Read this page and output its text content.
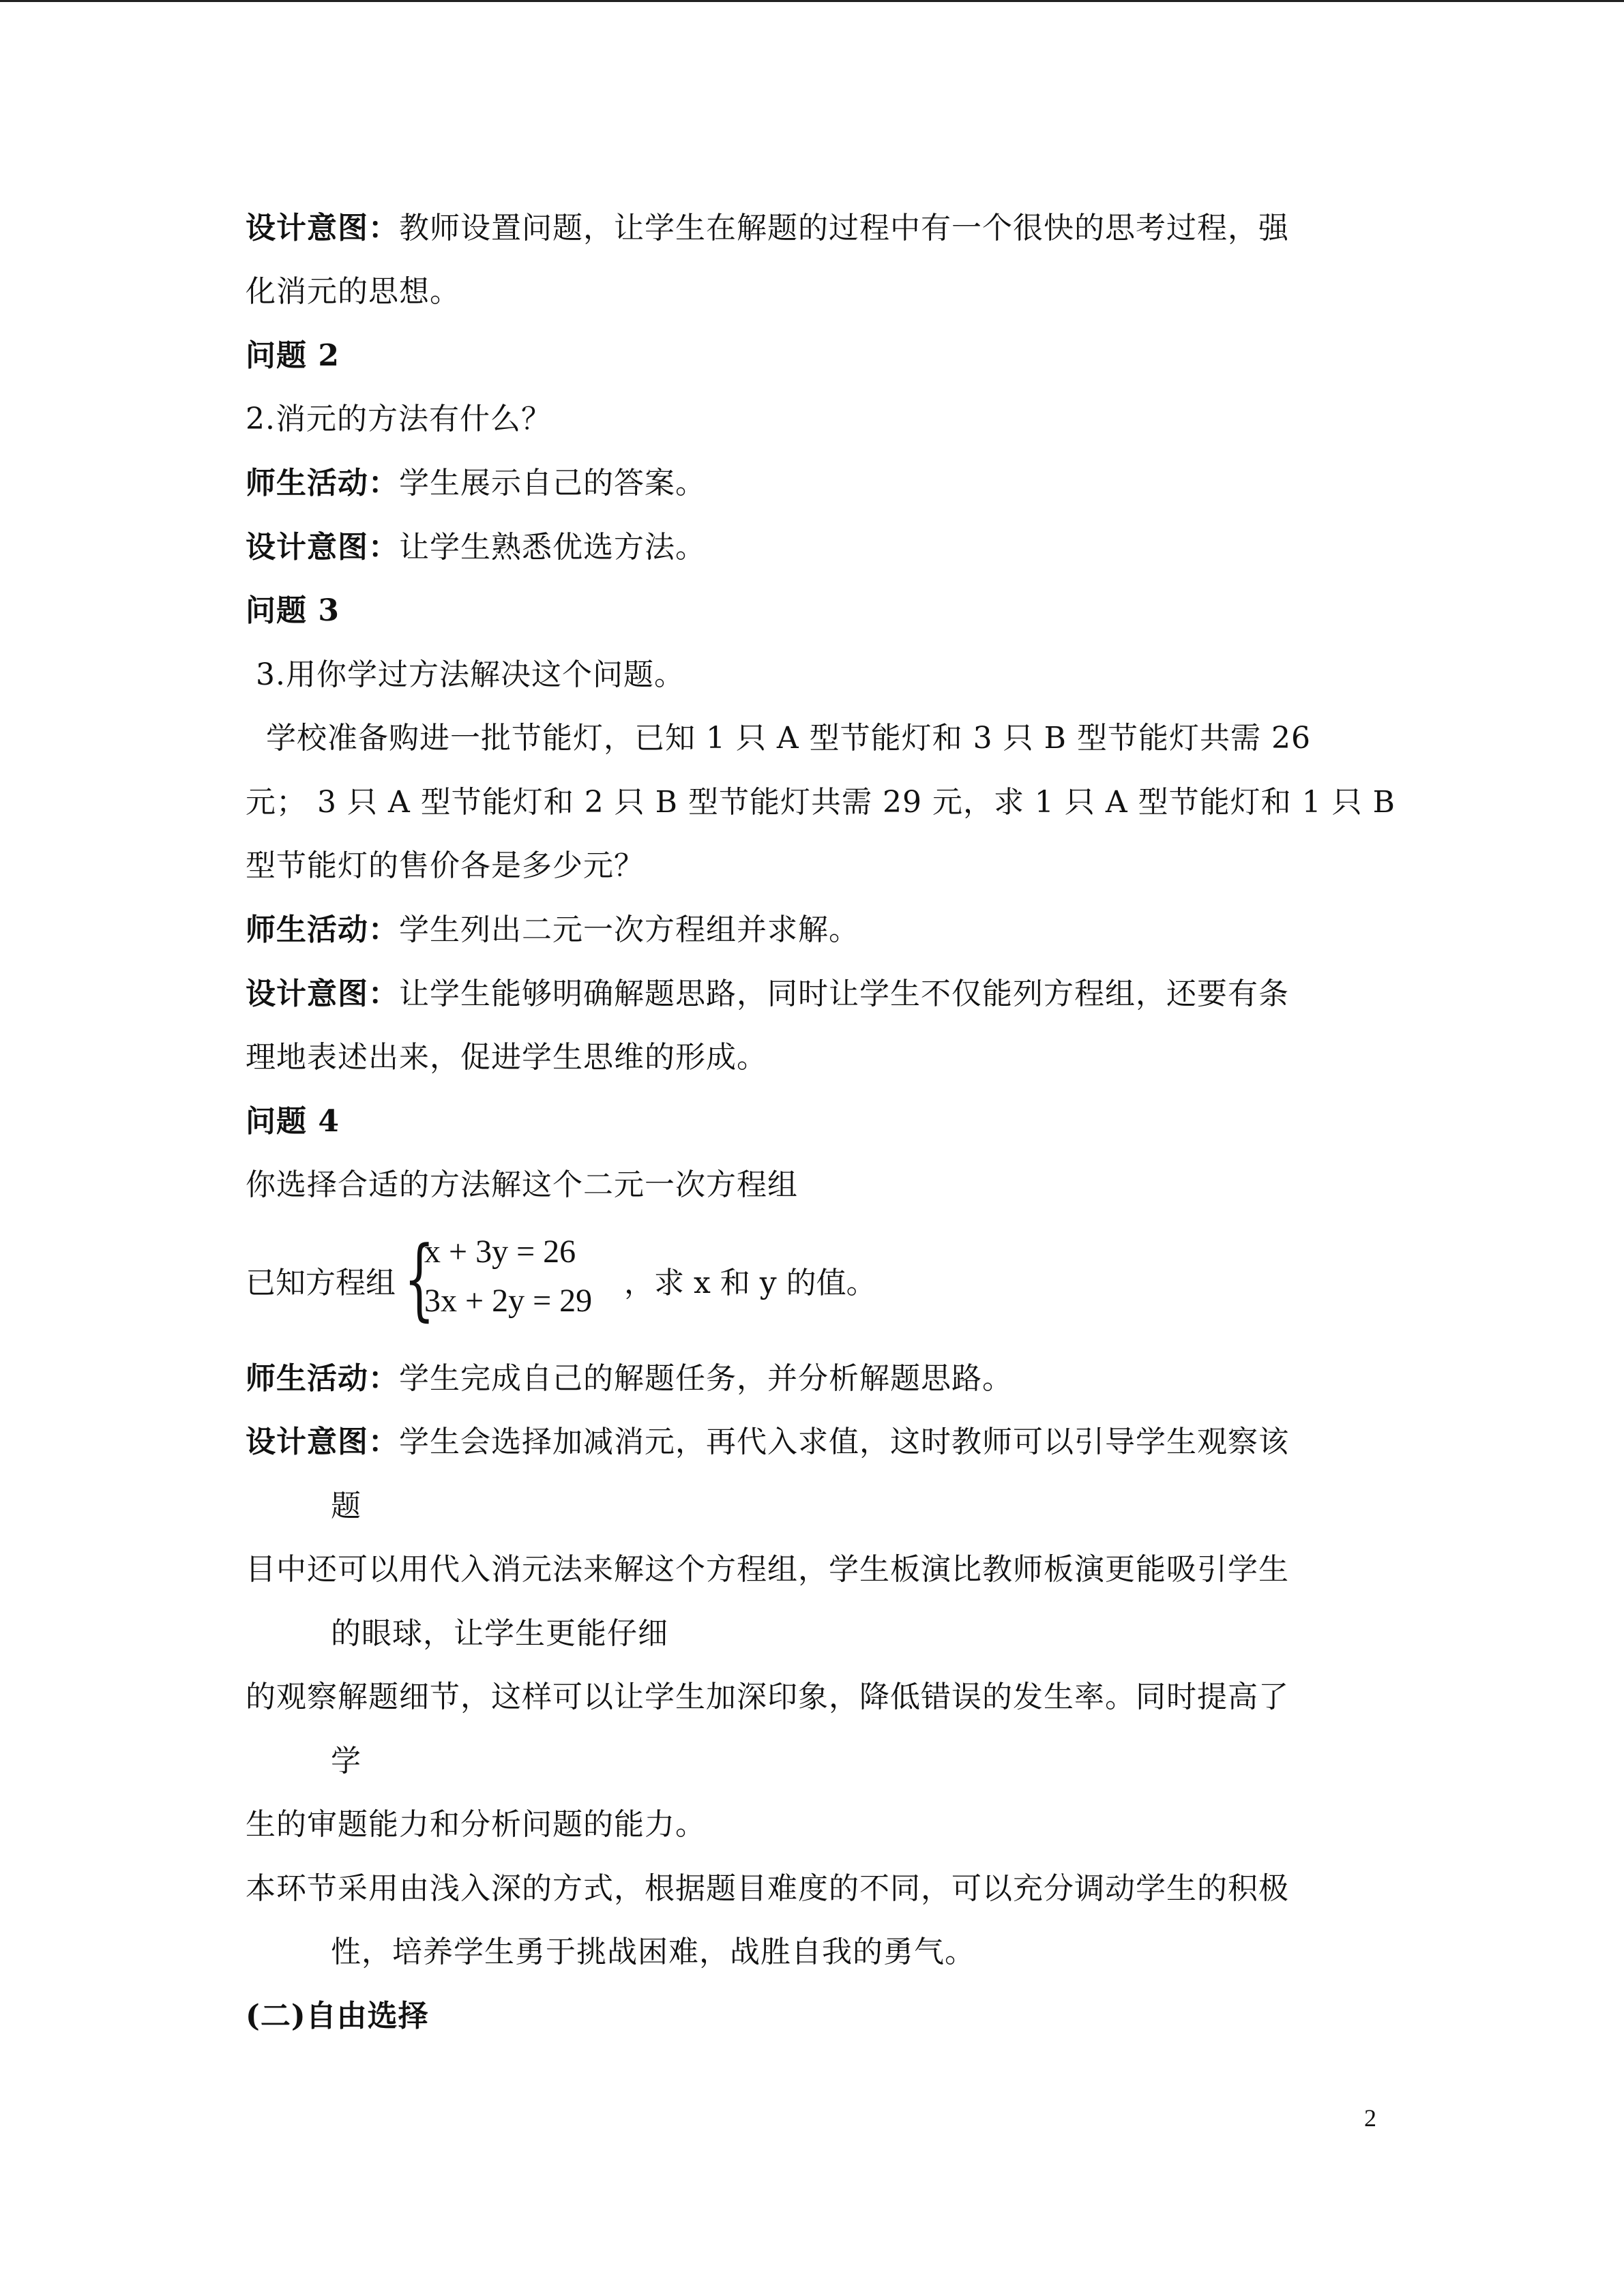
设计意图：教师设置问题，让学生在解题的过程中有一个很快的思考过程，强
化消元的思想。
问题 2
2.消元的方法有什么？
师生活动：学生展示自己的答案。
设计意图：让学生熟悉优选方法。
问题 3
3.用你学过方法解决这个问题。
学校准备购进一批节能灯，已知 1 只 A 型节能灯和 3 只 B 型节能灯共需 26
元； 3 只 A 型节能灯和 2 只 B 型节能灯共需 29 元，求 1 只 A 型节能灯和 1 只 B
型节能灯的售价各是多少元？
师生活动：学生列出二元一次方程组并求解。
设计意图：让学生能够明确解题思路，同时让学生不仅能列方程组，还要有条
理地表述出来，促进学生思维的形成。
问题 4
你选择合适的方法解这个二元一次方程组
已知方程组 {
x + 3y = 26
3x + 2y = 29 ，求 x 和 y 的值。
师生活动：学生完成自己的解题任务，并分析解题思路。
设计意图：学生会选择加减消元，再代入求值，这时教师可以引导学生观察该
题
目中还可以用代入消元法来解这个方程组，学生板演比教师板演更能吸引学生
的眼球，让学生更能仔细
的观察解题细节，这样可以让学生加深印象，降低错误的发生率。同时提高了
学
生的审题能力和分析问题的能力。
本环节采用由浅入深的方式，根据题目难度的不同，可以充分调动学生的积极
性，培养学生勇于挑战困难，战胜自我的勇气。
(二)自由选择
2
